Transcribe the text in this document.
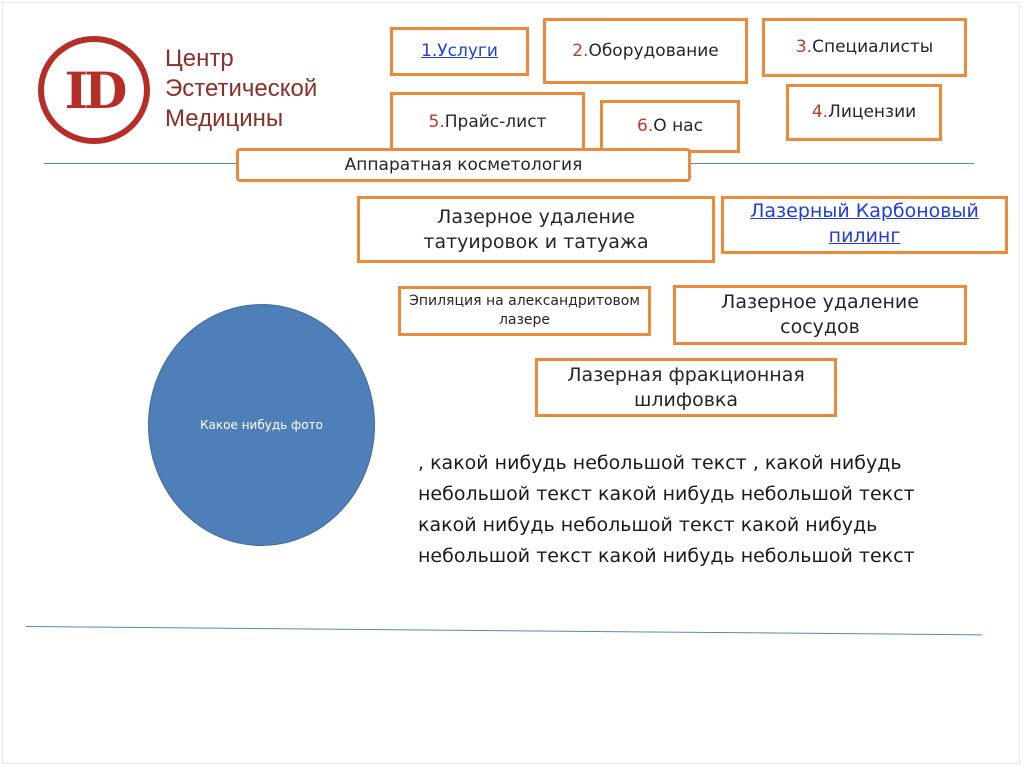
ID
Центр
Эстетической
Медицины
1.Услуги	2.Оборудование	3.Специалисты
4.Лицензии
5.Прайс-лист	6.О нас
Аппаратная косметология
Лазерное удаление татуировок и татуажа
Лазерный Карбоновый пилинг
Эпиляция на александритовом лазере
Лазерное удаление сосудов
Лазерная фракционная шлифовка
Какое нибудь фото
, какой нибудь небольшой текст , какой нибудь небольшой текст какой нибудь небольшой текст какой нибудь небольшой текст какой нибудь небольшой текст какой нибудь небольшой текст
